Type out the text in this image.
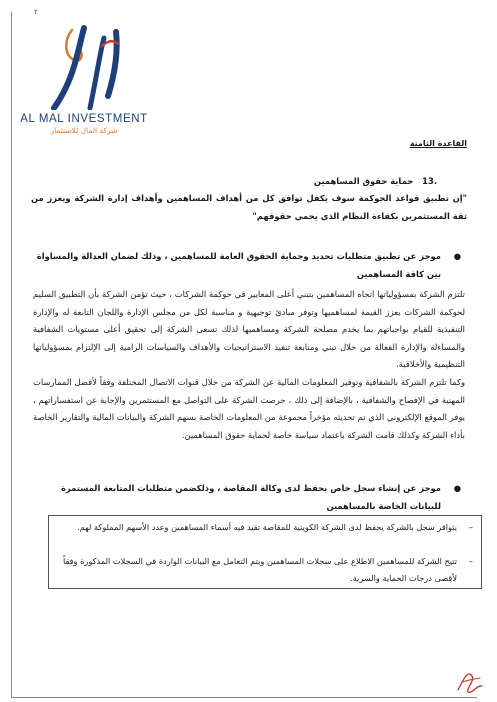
٢
AL MAL INVESTMENT
شركة المال للاستثمار
القاعدة الثامنة
.13 حماية حقوق المساهمين
"إن تطبيق قواعد الحوكمة سوف يكفل توافق كل من أهداف المساهمين وأهداف إدارة الشركة ويعزز من ثقة المستثمرين بكفاءة النظام الذي يحمي حقوقهم"
●
موجز عن تطبيق متطلبات تحديد وحماية الحقوق العامة للمساهمين ، وذلك لضمان العدالة والمساواة بين كافة المساهمين
تلتزم الشركة بمسؤولياتها اتجاه المساهمين بتبني أعلى المعايير في حوكمة الشركات ، حيث تؤمن الشركة بأن التطبيق السليم لحوكمة الشركات يعزز القيمة لمساهميها وتوفر مبادئ توجيهية و مناسبة لكل من مجلس الإدارة واللجان التابعة له والإدارة التنفيذية للقيام بواجباتهم بما يخدم مصلحة الشركة ومساهميها لذلك تسعى الشركة إلى تحقيق أعلى مستويات الشفافية والمساءلة والإدارة الفعالة من خلال تبني ومتابعة تنفيذ الاستراتيجيات والأهداف والسياسات الرامية إلى الإلتزام بمسؤولياتها التنظيمية والأخلاقية.
وكما تلتزم الشركة بالشفافية وتوفير المعلومات المالية عن الشركة من خلال قنوات الاتصال المختلفة وفقاً لأفضل الممارسات المهنية في الإفصاح والشفافية ، بالإضافة إلى ذلك ، حرصت الشركة على التواصل مع المستثمرين والإجابة عن استفساراتهم ، يوفر الموقع الإلكتروني الذي تم تحديثه مؤخراً مجموعة من المعلومات الخاصة بسهم الشركة والبيانات المالية والتقارير الخاصة بأداء الشركة وكذلك قامت الشركة باعتماد سياسة خاصة لحماية حقوق المساهمين.
●
موجز عن إنشاء سجل خاص يحفظ لدى وكالة المقاصة ، وذلكضمن متطلبات المتابعة المستمرة للبيانات الخاصة بالمساهمين
–
يتوافر سجل بالشركة يحفظ لدى الشركة الكويتية للمقاصة تقيد فيه أسماء المساهمين وعدد الأسهم المملوكة لهم.
–
تتيح الشركة للمساهمين الاطلاع على سجلات المساهمين ويتم التعامل مع البيانات الواردة في السجلات المذكورة وفقاً لأقصى درجات الحماية والسرية.
